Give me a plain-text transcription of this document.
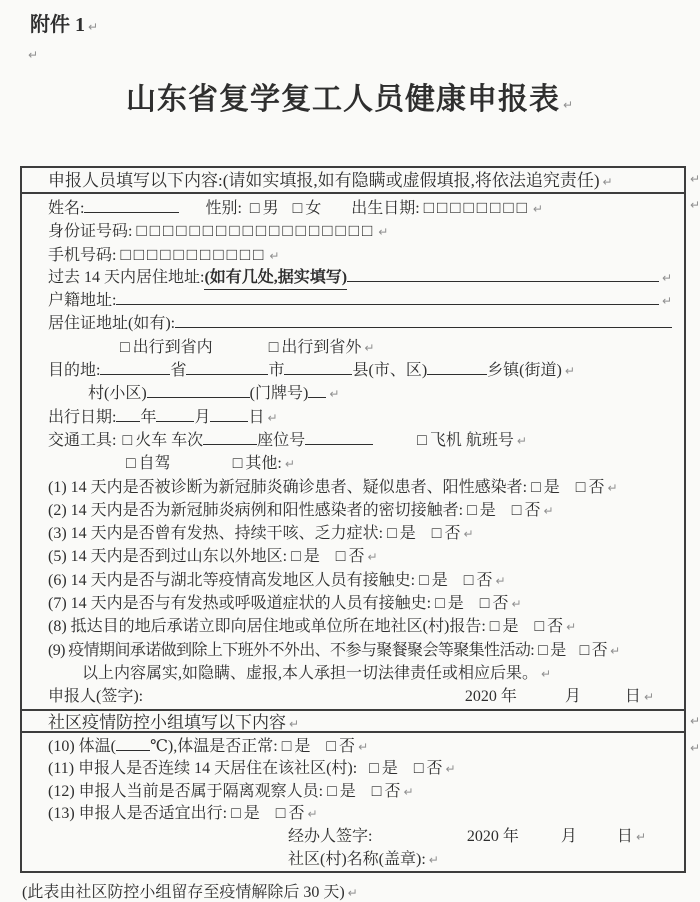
附件 1 ↵
↵
山东省复学复工人员健康申报表 ↵
↵
↵
↵
↵
申报人员填写以下内容:(请如实填报,如有隐瞒或虚假填报,将依法追究责任) ↵
姓名:	性别: □ 男 □ 女 出生日期: □□□□□□□□ ↵
身份证号码: □□□□□□□□□□□□□□□□□□ ↵
手机号码: □□□□□□□□□□□ ↵
过去 14 天内居住地址: (如有几处,据实填写)	↵
户籍地址:	↵
居住证地址(如有):
□ 出行到省内	□ 出行到省外 ↵
目的地:	省	市	县(市、区)	乡镇(街道) ↵
村(小区)	(门牌号) ↵
出行日期: 年 月 日 ↵
交通工具: □ 火车 车次	座位号	□ 飞机 航班号 ↵
□ 自驾	□ 其他: ↵
(1) 14 天内是否被诊断为新冠肺炎确诊患者、疑似患者、阳性感染者: □ 是 □ 否 ↵
(2) 14 天内是否为新冠肺炎病例和阳性感染者的密切接触者: □ 是 □ 否 ↵
(3) 14 天内是否曾有发热、持续干咳、乏力症状: □ 是 □ 否 ↵
(5) 14 天内是否到过山东以外地区: □ 是 □ 否 ↵
(6) 14 天内是否与湖北等疫情高发地区人员有接触史: □ 是 □ 否 ↵
(7) 14 天内是否与有发热或呼吸道症状的人员有接触史: □ 是 □ 否 ↵
(8) 抵达目的地后承诺立即向居住地或单位所在地社区(村)报告: □ 是 □ 否 ↵
(9) 疫情期间承诺做到除上下班外不外出、不参与聚餐聚会等聚集性活动: □ 是 □ 否 ↵
以上内容属实,如隐瞒、虚报,本人承担一切法律责任或相应后果。 ↵
申报人(签字):	2020 年	月	日 ↵
社区疫情防控小组填写以下内容 ↵
(10) 体温( ℃),体温是否正常: □ 是 □ 否 ↵
(11) 申报人是否连续 14 天居住在该社区(村): □ 是 □ 否 ↵
(12) 申报人当前是否属于隔离观察人员: □ 是 □ 否 ↵
(13) 申报人是否适宜出行: □ 是 □ 否 ↵
经办人签字:	2020 年	月	日 ↵
社区(村)名称(盖章): ↵
(此表由社区防控小组留存至疫情解除后 30 天) ↵
